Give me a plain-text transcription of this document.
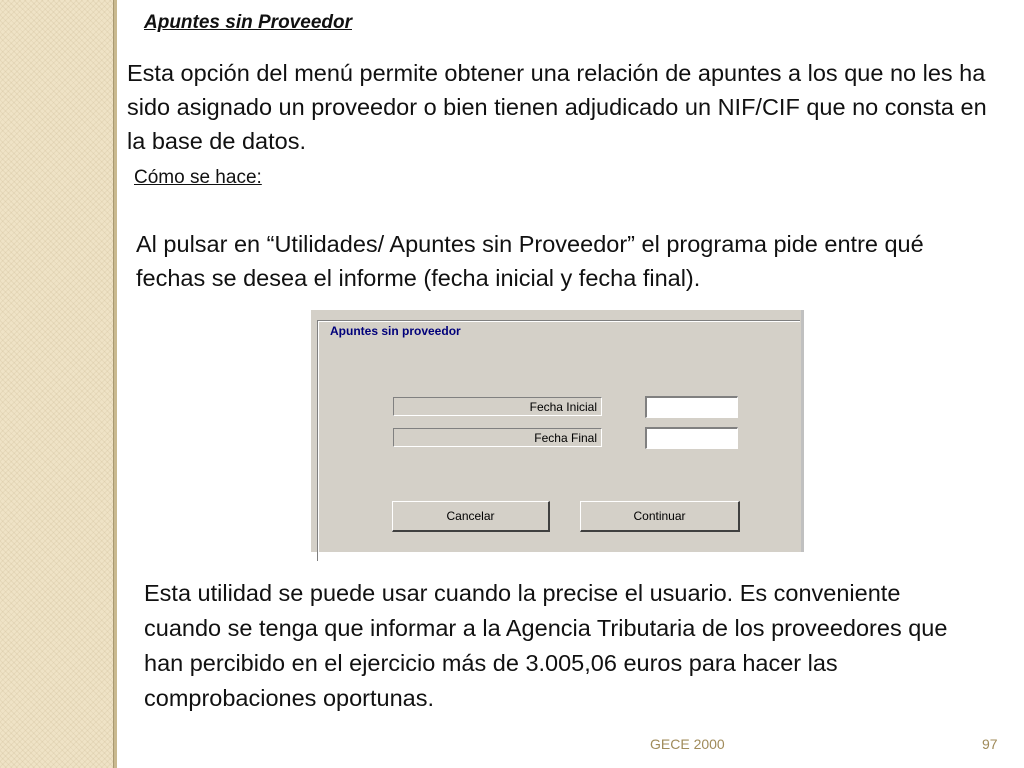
Apuntes sin Proveedor
Esta opción del menú permite obtener una relación de apuntes a los que no les ha sido asignado un proveedor o bien tienen adjudicado un NIF/CIF que no consta en la base de datos.
Cómo se hace:
Al pulsar en “Utilidades/ Apuntes sin Proveedor” el programa pide entre qué fechas se desea el informe (fecha inicial y fecha final).
Apuntes sin proveedor
Fecha Inicial
Fecha Final
Cancelar	Continuar
Esta utilidad se puede usar cuando la precise el usuario. Es conveniente cuando se tenga que informar a la Agencia Tributaria de los proveedores que han percibido en el ejercicio más de 3.005,06 euros para hacer las comprobaciones oportunas.
GECE 2000	97
